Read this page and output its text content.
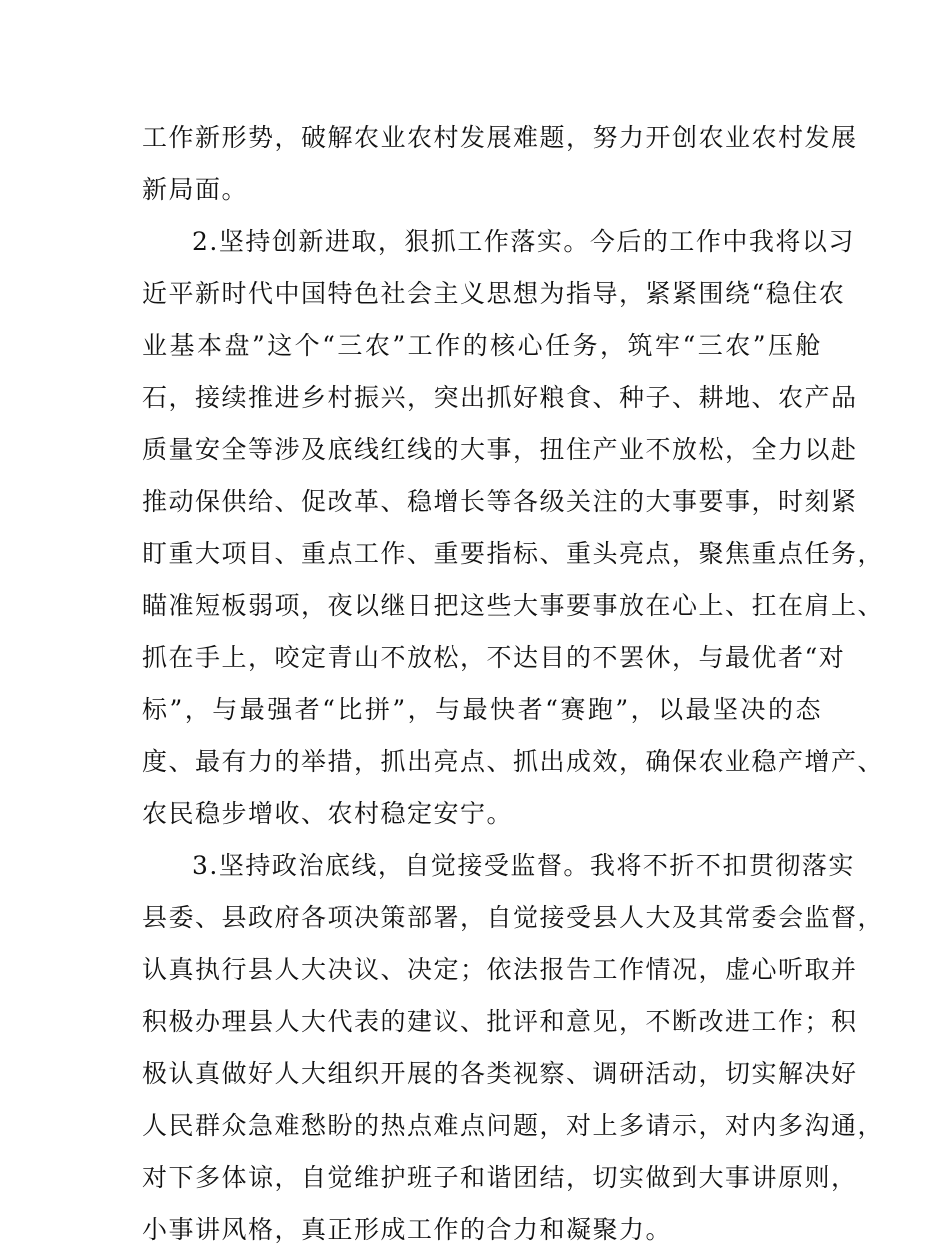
工作新形势，破解农业农村发展难题，努力开创农业农村发展
新局面。
2.坚持创新进取，狠抓工作落实。今后的工作中我将以习
近平新时代中国特色社会主义思想为指导，紧紧围绕“稳住农
业基本盘”这个“三农”工作的核心任务，筑牢“三农”压舱
石，接续推进乡村振兴，突出抓好粮食、种子、耕地、农产品
质量安全等涉及底线红线的大事，扭住产业不放松，全力以赴
推动保供给、促改革、稳增长等各级关注的大事要事，时刻紧
盯重大项目、重点工作、重要指标、重头亮点，聚焦重点任务，
瞄准短板弱项，夜以继日把这些大事要事放在心上、扛在肩上、
抓在手上，咬定青山不放松，不达目的不罢休，与最优者“对
标”，与最强者“比拼”，与最快者“赛跑”，以最坚决的态
度、最有力的举措，抓出亮点、抓出成效，确保农业稳产增产、
农民稳步增收、农村稳定安宁。
3.坚持政治底线，自觉接受监督。我将不折不扣贯彻落实
县委、县政府各项决策部署，自觉接受县人大及其常委会监督，
认真执行县人大决议、决定；依法报告工作情况，虚心听取并
积极办理县人大代表的建议、批评和意见，不断改进工作；积
极认真做好人大组织开展的各类视察、调研活动，切实解决好
人民群众急难愁盼的热点难点问题，对上多请示，对内多沟通，
对下多体谅，自觉维护班子和谐团结，切实做到大事讲原则，
小事讲风格，真正形成工作的合力和凝聚力。
